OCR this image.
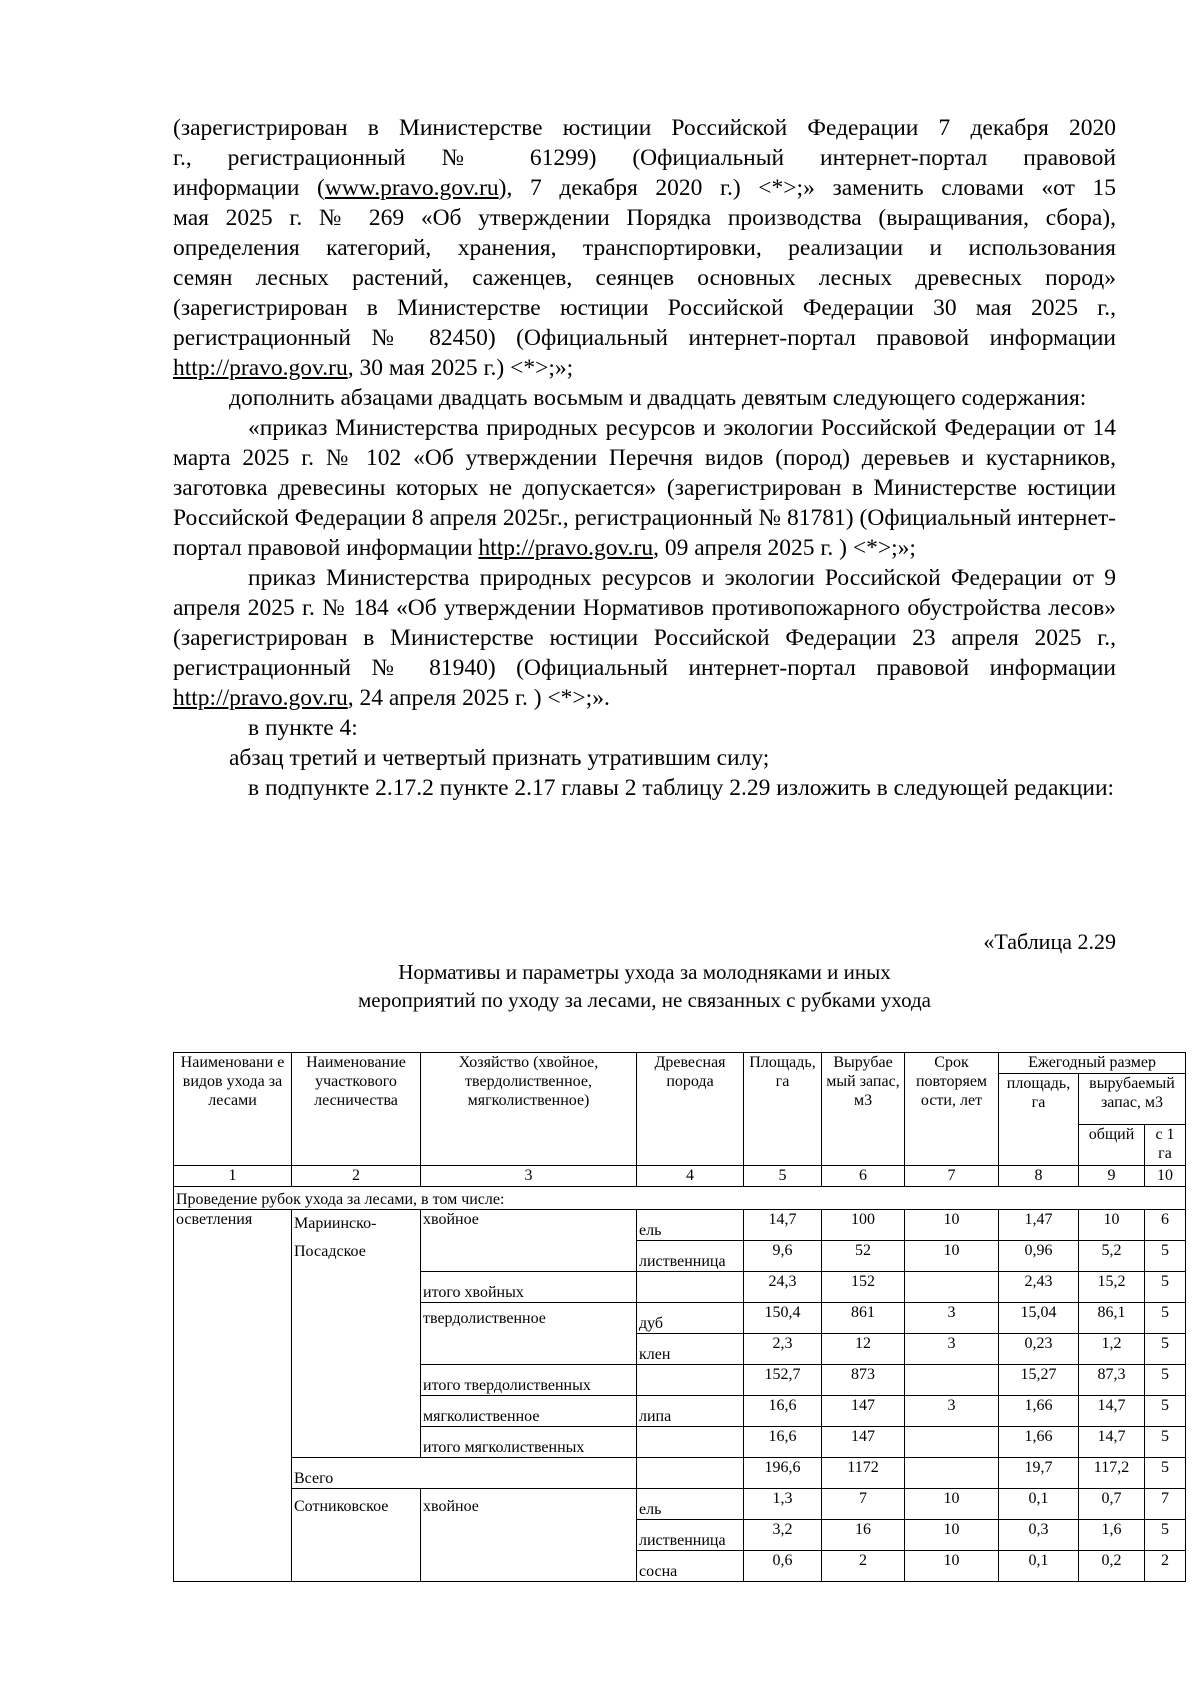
(зарегистрирован в Министерстве юстиции Российской Федерации 7 декабря 2020

г., регистрационный № 61299) (Официальный интернет-портал правовой

информации (www.pravo.gov.ru), 7 декабря 2020 г.) <*>;» заменить словами «от 15

мая 2025 г. № 269 «Об утверждении Порядка производства (выращивания, сбора),

определения категорий, хранения, транспортировки, реализации и использования

семян лесных растений, саженцев, сеянцев основных лесных древесных пород»

(зарегистрирован в Министерстве юстиции Российской Федерации 30 мая 2025 г.,

регистрационный № 82450) (Официальный интернет-портал правовой информации

http://pravo.gov.ru, 30 мая 2025 г.) <*>;»;

дополнить абзацами двадцать восьмым и двадцать девятым следующего содержания:

«приказ Министерства природных ресурсов и экологии Российской Федерации от 14 марта 2025 г. № 102 «Об утверждении Перечня видов (пород) деревьев и кустарников, заготовка древесины которых не допускается» (зарегистрирован в Министерстве юстиции Российской Федерации 8 апреля 2025г., регистрационный № 81781) (Официальный интернет-портал правовой информации http://pravo.gov.ru, 09 апреля 2025 г. ) <*>;»;

приказ Министерства природных ресурсов и экологии Российской Федерации от 9 апреля 2025 г. № 184 «Об утверждении Нормативов противопожарного обустройства лесов» (зарегистрирован в Министерстве юстиции Российской Федерации 23 апреля 2025 г., регистрационный № 81940) (Официальный интернет-портал правовой информации http://pravo.gov.ru, 24 апреля 2025 г. ) <*>;».

в пункте 4:

абзац третий и четвертый признать утратившим силу;

в подпункте 2.17.2 пункте 2.17 главы 2 таблицу 2.29 изложить в следующей редакции:

«Таблица 2.29
Нормативы и параметры ухода за молодняками и иных
мероприятий по уходу за лесами, не связанных с рубками ухода
Наименовани е видов ухода за лесами	Наименование участкового лесничества	Хозяйство (хвойное, твердолиственное, мягколиственное)	Древесная порода	Площадь, га	Вырубае мый запас, м3	Срок повторяем ости, лет	Ежегодный размер		
							площадь, га	вырубаемый запас, м3	
								общий	с 1 га
1	2	3	4	5	6	7	8	9	10
Проведение рубок ухода за лесами, в том числе:									
осветления	Мариинско-Посадское	хвойное	ель	14,7	100	10	1,47	10	6
			лиственница	9,6	52	10	0,96	5,2	5
		итого хвойных		24,3	152		2,43	15,2	5
		твердолиственное	дуб	150,4	861	3	15,04	86,1	5
			клен	2,3	12	3	0,23	1,2	5
		итого твердолиственных		152,7	873		15,27	87,3	5
		мягколиственное	липа	16,6	147	3	1,66	14,7	5
		итого мягколиственных		16,6	147		1,66	14,7	5
	Всего			196,6	1172		19,7	117,2	5
	Сотниковское	хвойное	ель	1,3	7	10	0,1	0,7	7
			лиственница	3,2	16	10	0,3	1,6	5
			сосна	0,6	2	10	0,1	0,2	2
